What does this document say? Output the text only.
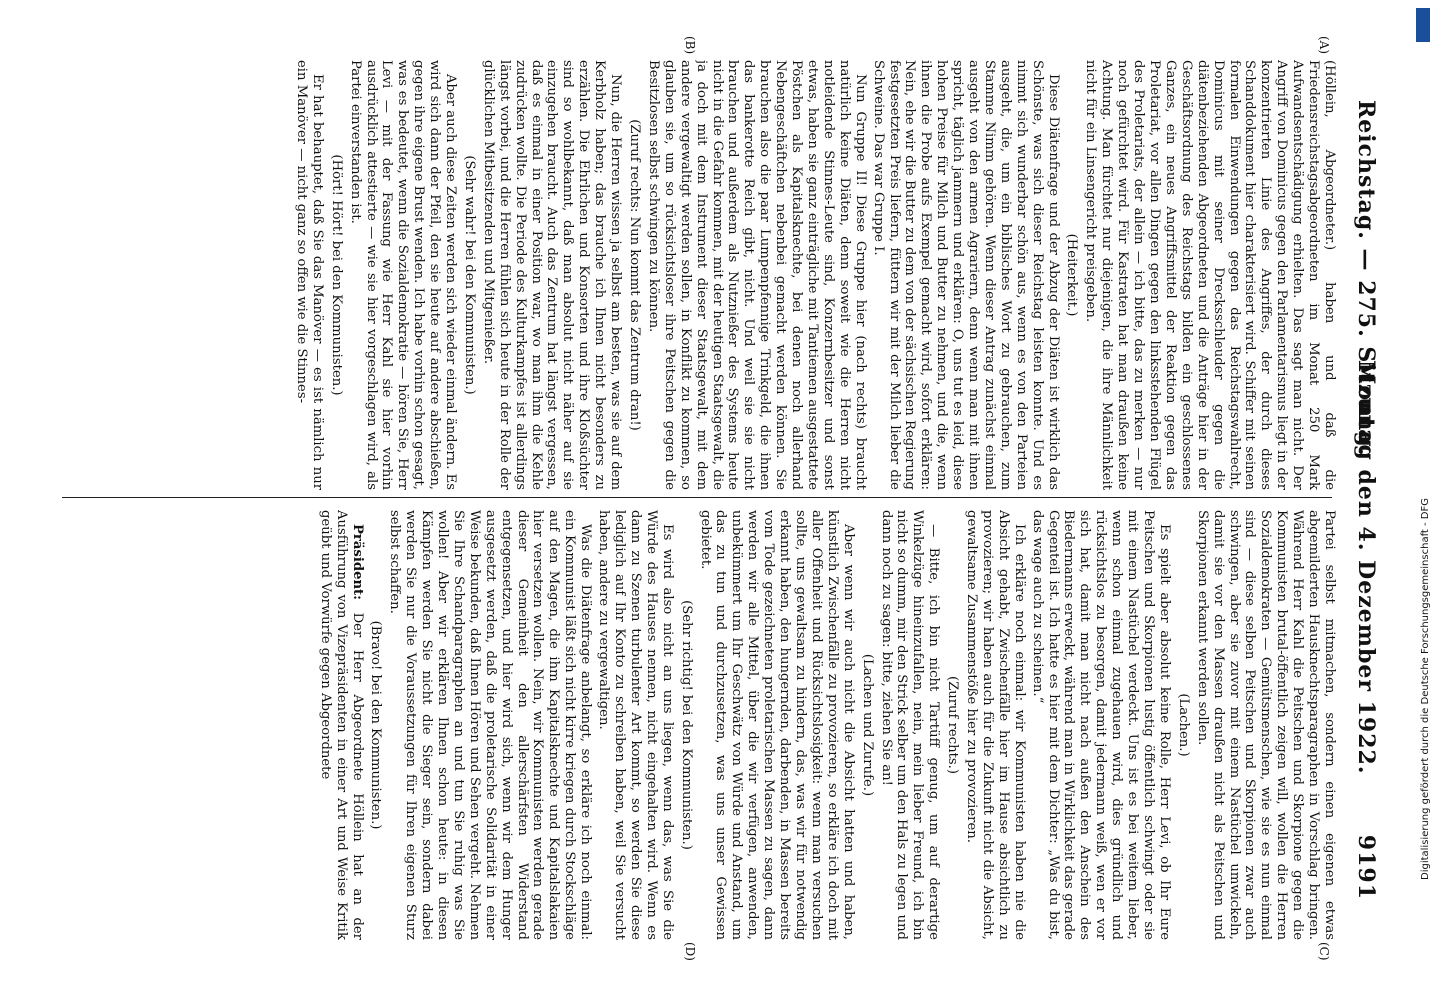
Reichstag. — 275. Sitzung.
Montag den 4. Dezember 1922.
9191
(A)
(B)
(C)
(D)

(Höllein, Abgeordneter.) haben und daß die Friedensreichstagsabgeordneten im Monat 250 Mark Aufwandsentschädigung erhielten. Das sagt man nicht. Der Angriff von Dominicus gegen den Parlamentarismus liegt in der konzentrierten Linie des Angriffes, der durch dieses Schanddokument hier charakterisiert wird. Schiffer mit seinen formalen Einwendungen gegen das Reichstagswahlrecht, Dominicus mit seiner Drecksschleuder gegen die diätenbeziehenden Abgeordneten und die Anträge hier in der Geschäftsordnung des Reichstags bilden ein geschlossenes Ganzes, ein neues Angriffsmittel der Reaktion gegen das Proletariat, vor allen Dingen gegen den linksstehenden Flügel des Proletariats, der allein — ich bitte, das zu merken — nur noch gefürchtet wird. Für Kastraten hat man draußen keine Achtung. Man fürchtet nur diejenigen, die ihre Männlichkeit nicht für ein Linsengericht preisgeben.

(Heiterkeit.)

Diese Diätenfrage und der Abzug der Diäten ist wirklich das Schönste, was sich dieser Reichstag leisten konnte. Und es nimmt sich wunderbar schön aus, wenn es von den Parteien ausgeht, die, um ein biblisches Wort zu gebrauchen, zum Stamme Nimm gehören. Wenn dieser Antrag zunächst einmal ausgeht von den armen Agrariern, denn wenn man mit ihnen spricht, täglich jammern und erklären: O, uns tut es leid, diese hohen Preise für Milch und Butter zu nehmen, und die, wenn ihnen die Probe aufs Exempel gemacht wird, sofort erklären: Nein, ehe wir die Butter zu dem von der sächsischen Regierung festgesetzten Preis liefern, füttern wir mit der Milch lieber die Schweine. Das war Gruppe I.

Nun Gruppe II! Diese Gruppe hier (nach rechts) braucht natürlich keine Diäten, denn soweit wie die Herren nicht notleidende Stinnes-Leute sind, Konzernbesitzer und sonst etwas, haben sie ganz einträgliche mit Tantiemen ausgestattete Pöstchen als Kapitalsknechte, bei denen noch allerhand Nebengeschäftchen nebenbei gemacht werden können. Sie brauchen also die paar Lumpenpfennige Trinkgeld, die ihnen das bankerotte Reich gibt, nicht. Und weil sie sie nicht brauchen und außerdem als Nutznießer des Systems heute nicht in die Gefahr kommen, mit der heutigen Staatsgewalt, die ja doch mit dem Instrument dieser Staatsgewalt, mit dem andere vergewaltigt werden sollen, in Konflikt zu kommen, so glauben sie, um so rücksichtsloser ihre Peitschen gegen die Besitzlosen selbst schwingen zu können.

(Zuruf rechts: Nun kommt das Zentrum dran!)

Nun, die Herren wissen ja selbst am besten, was sie auf dem Kerbholz haben; das brauche ich Ihnen nicht besonders zu erzählen. Die Ehrlichen und Konsorten und ihre Kloßsüchter sind so wohlbekannt, daß man absolut nicht näher auf sie einzugehen braucht. Auch das Zentrum hat längst vergessen, daß es einmal in einer Position war, wo man ihm die Kehle zudrücken wollte. Die Periode des Kulturkampfes ist allerdings längst vorbei, und die Herren fühlen sich heute in der Rolle der glücklichen Mitbesitzenden und Mitgenießer.

(Sehr wahr! bei den Kommunisten.)

Aber auch diese Zeiten werden sich wieder einmal ändern. Es wird sich dann der Pfeil, den sie heute auf andere abschießen, gegen ihre eigene Brust wenden. Ich habe vorhin schon gesagt, was es bedeutet, wenn die Sozialdemokratie — hören Sie, Herr Levi — mit der Fassung wie Herr Kahl sie hier vorhin ausdrücklich attestierte — wie sie hier vorgeschlagen wird, als Partei einverstanden ist.

(Hört! Hört! bei den Kommunisten.)

Er hat behauptet, daß Sie das Manöver — es ist nämlich nur ein Manöver — nicht ganz so offen wie die Stinnes-

Partei selbst mitmachen, sondern einen eigenen etwas abgemilderten Hausknechtsparagraphen in Vorschlag bringen. Während Herr Kahl die Peitschen und Skorpione gegen die Kommunisten brutal-öffentlich zeigen will, wollen die Herren Sozialdemokraten — Gemütsmenschen, wie sie es nun einmal sind — diese selben Peitschen und Skorpionen zwar auch schwingen, aber sie zuvor mit einem Nastüchel umwickeln, damit sie vor den Massen draußen nicht als Peitschen und Skorpionen erkannt werden sollen.

(Lachen.)

Es spielt aber absolut keine Rolle, Herr Levi, ob Ihr Eure Peitschen und Skorpionen lustig öffentlich schwingt oder sie mit einem Nastüchel verdeckt. Uns ist es bei weitem lieber, wenn schon einmal zugehauen wird, dies gründlich und rücksichtslos zu besorgen, damit jedermann weiß, wen er vor sich hat, damit man nicht nach außen den Anschein des Biedermanns erweckt, während man in Wirklichkeit das gerade Gegenteil ist. Ich hatte es hier mit dem Dichter: „Was du bist, das wage auch zu scheinen.“

Ich erkläre noch einmal: wir Kommunisten haben nie die Absicht gehabt, Zwischenfälle hier im Hause absichtlich zu provozieren; wir haben auch für die Zukunft nicht die Absicht, gewaltsame Zusammenstöße hier zu provozieren.

(Zuruf rechts.)

— Bitte, ich bin nicht Tartüff genug, um auf derartige Winkelzüge hineinzufallen, nein, mein lieber Freund, ich bin nicht so dumm, mir den Strick selber um den Hals zu legen und dann noch zu sagen: bitte, ziehen Sie an!

(Lachen und Zurufe.)

Aber wenn wir auch nicht die Absicht hatten und haben, künstlich Zwischenfälle zu provozieren, so erkläre ich doch mit aller Offenheit und Rücksichtslosigkeit: wenn man versuchen sollte, uns gewaltsam zu hindern, das, was wir für notwendig erkannt haben, den hungernden, darbenden, in Massen bereits vom Tode gezeichneten proletarischen Massen zu sagen, dann werden wir alle Mittel, über die wir verfügen, anwenden, unbekümmert um Ihr Geschwätz von Würde und Anstand, um das zu tun und durchzusetzen, was uns unser Gewissen gebietet.

(Sehr richtig! bei den Kommunisten.)

Es wird also nicht an uns liegen, wenn das, was Sie die Würde des Hauses nennen, nicht eingehalten wird. Wenn es dann zu Szenen turbulenter Art kommt, so werden Sie diese lediglich auf Ihr Konto zu schreiben haben, weil Sie versucht haben, andere zu vergewaltigen.

Was die Diätenfrage anbelangt, so erkläre ich noch einmal: ein Kommunist läßt sich nicht kirre kriegen durch Stockschläge auf den Magen, die ihm Kapitalsknechte und Kapitalslakaien hier versetzen wollen. Nein, wir Kommunisten werden gerade dieser Gemeinheit den allerschärfsten Widerstand entgegensetzen, und hier wird sich, wenn wir dem Hunger ausgesetzt werden, daß die proletarische Solidarität in einer Weise bekunden, daß Ihnen Hören und Sehen vergeht. Nehmen Sie Ihre Schandparagraphen an und tun Sie ruhig was Sie wollen! Aber wir erklären Ihnen schon heute: in diesen Kämpfen werden Sie nicht die Sieger sein, sondern dabei werden Sie nur die Voraussetzungen für Ihren eigenen Sturz selbst schaffen.

(Bravo! bei den Kommunisten.)

Präsident: Der Herr Abgeordnete Höllein hat an der Ausführung von Vizepräsidenten in einer Art und Weise Kritik geübt und Vorwürfe gegen Abgeordnete	Digitalisierung gefördert durch die Deutsche Forschungsgemeinschaft - DFG
